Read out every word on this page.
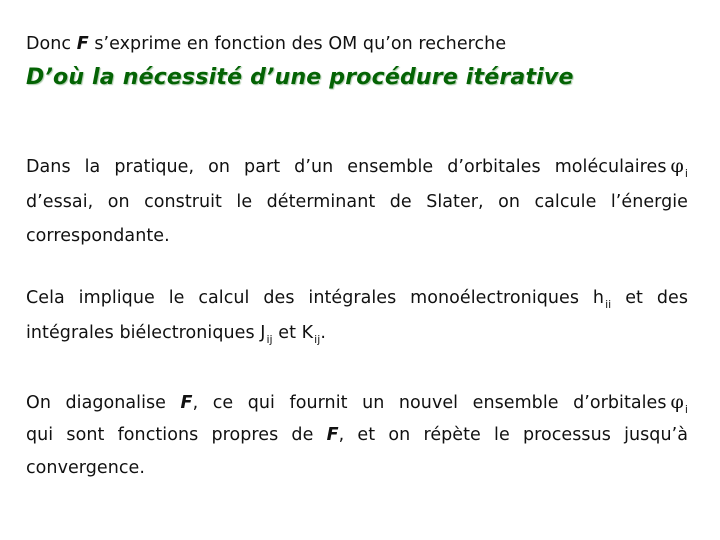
Donc F s’exprime en fonction des OM qu’on recherche

D’où la nécessité d’une procédure itérative

Dans la pratique, on part d’un ensemble d’orbitales moléculaires $\varphi_i$

d’essai, on construit le déterminant de Slater, on calcule l’énergie

correspondante.

Cela implique le calcul des intégrales monoélectroniques $h_{ii}$ et des

intégrales biélectroniques $J_{ij}$ et $K_{ij}$.

On diagonalise F, ce qui fournit un nouvel ensemble d’orbitales $\varphi_i$

qui sont fonctions propres de F, et on répète le processus jusqu’à

convergence.
